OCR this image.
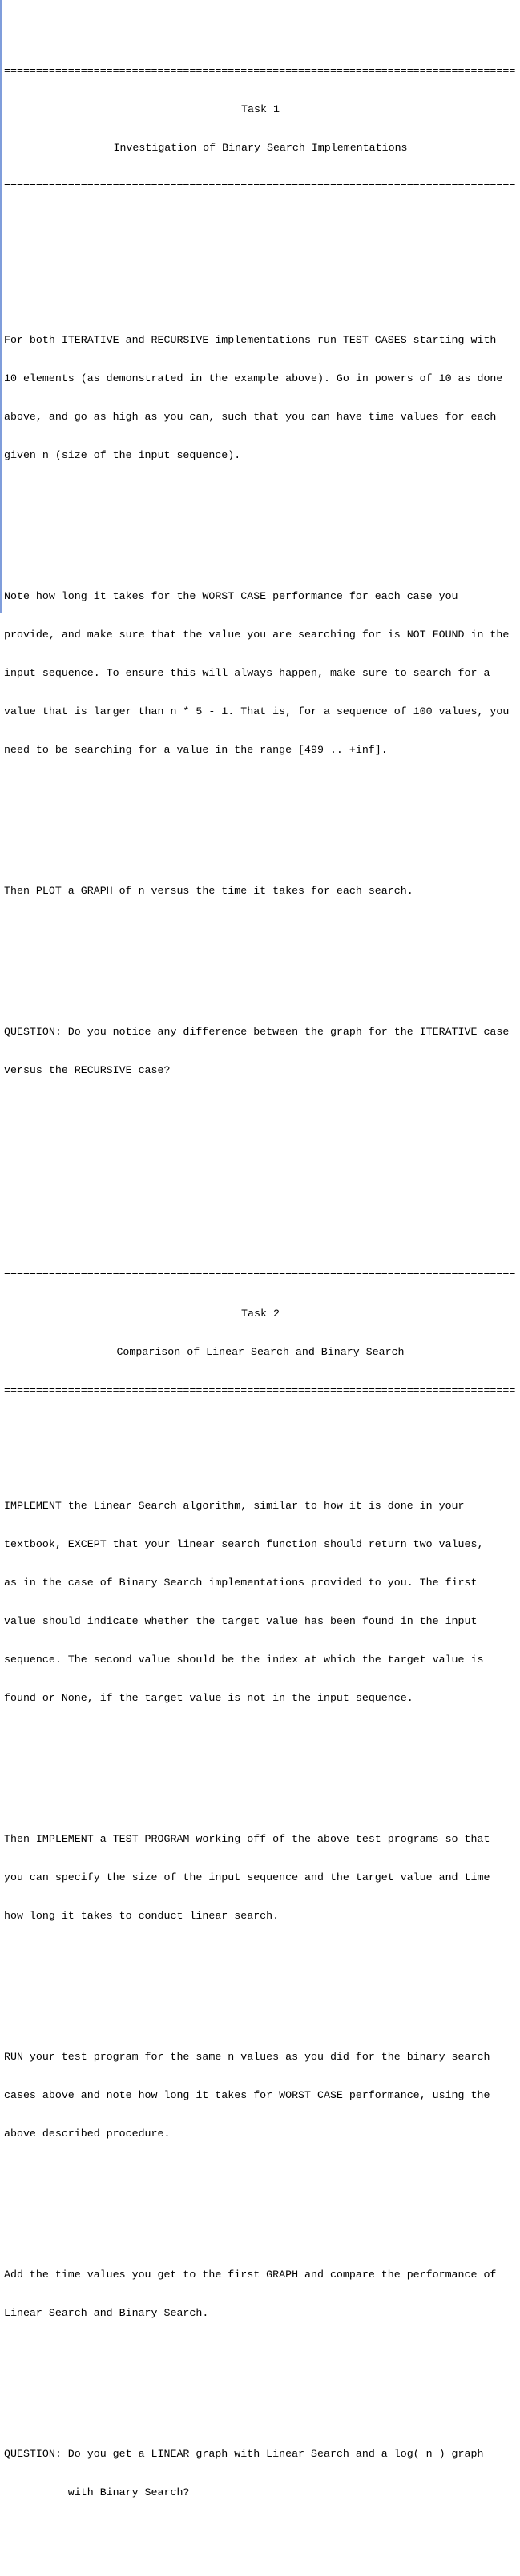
================================================================================

Task 1

Investigation of Binary Search Implementations

================================================================================

For both ITERATIVE and RECURSIVE implementations run TEST CASES starting with

10 elements (as demonstrated in the example above). Go in powers of 10 as done

above, and go as high as you can, such that you can have time values for each

given n (size of the input sequence).

Note how long it takes for the WORST CASE performance for each case you

provide, and make sure that the value you are searching for is NOT FOUND in the

input sequence. To ensure this will always happen, make sure to search for a

value that is larger than n * 5 - 1. That is, for a sequence of 100 values, you

need to be searching for a value in the range [499 .. +inf].

Then PLOT a GRAPH of n versus the time it takes for each search.

QUESTION: Do you notice any difference between the graph for the ITERATIVE case

versus the RECURSIVE case?

================================================================================

Task 2

Comparison of Linear Search and Binary Search

================================================================================

IMPLEMENT the Linear Search algorithm, similar to how it is done in your

textbook, EXCEPT that your linear search function should return two values,

as in the case of Binary Search implementations provided to you. The first

value should indicate whether the target value has been found in the input

sequence. The second value should be the index at which the target value is

found or None, if the target value is not in the input sequence.

Then IMPLEMENT a TEST PROGRAM working off of the above test programs so that

you can specify the size of the input sequence and the target value and time

how long it takes to conduct linear search.

RUN your test program for the same n values as you did for the binary search

cases above and note how long it takes for WORST CASE performance, using the

above described procedure.

Add the time values you get to the first GRAPH and compare the performance of

Linear Search and Binary Search.

QUESTION: Do you get a LINEAR graph with Linear Search and a log( n ) graph

with Binary Search?
